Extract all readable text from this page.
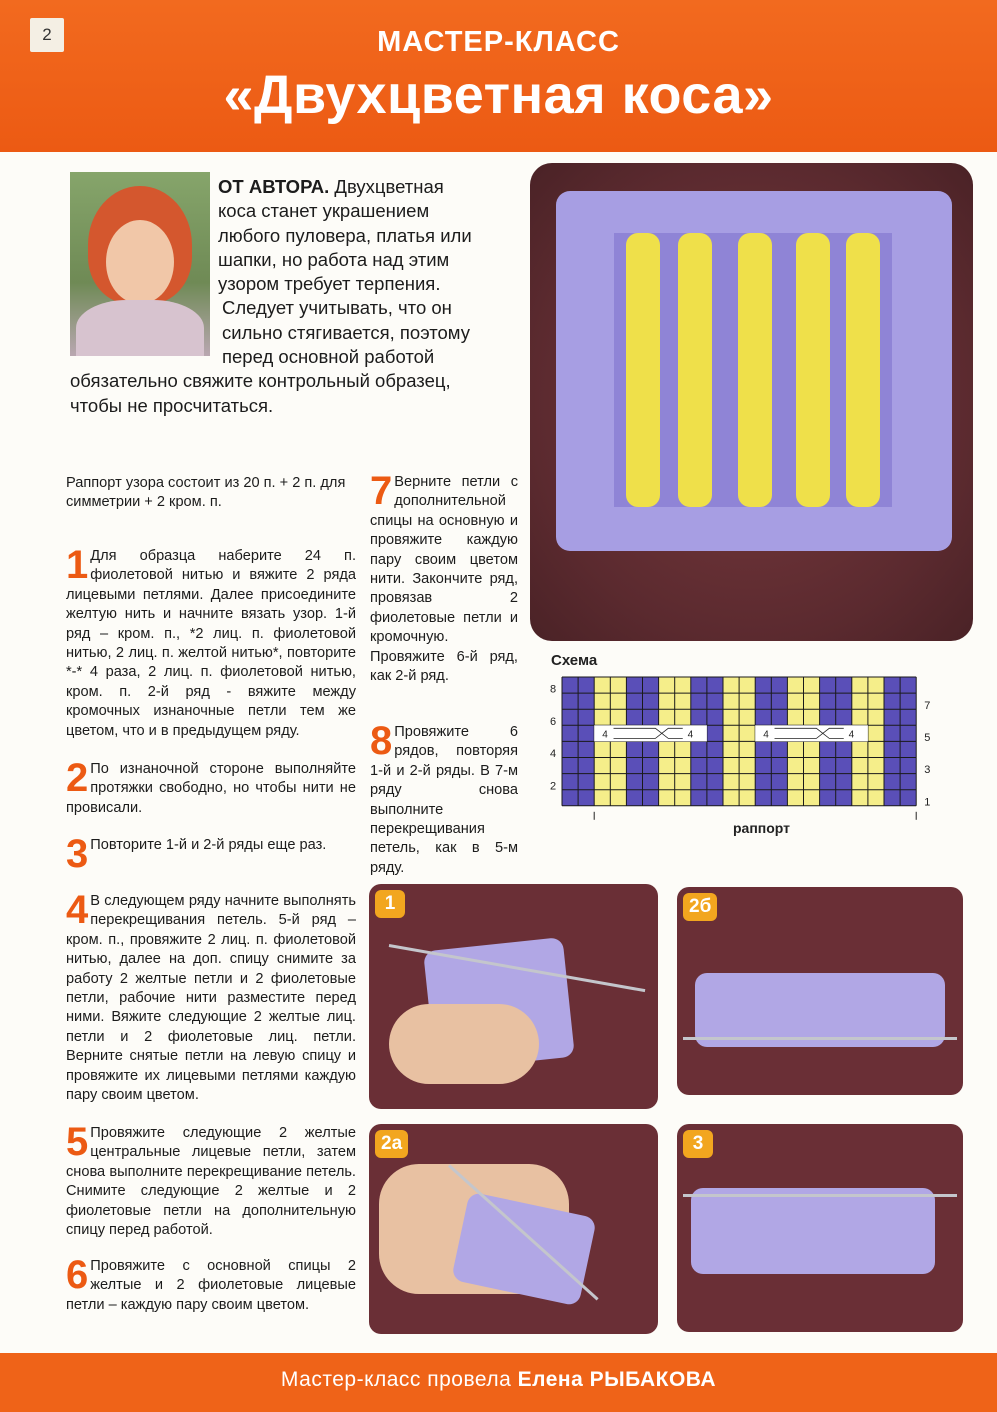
2	МАСТЕР-КЛАСС
«Двухцветная коса»
ОТ АВТОРА. Двухцветная
коса станет украшением
любого пуловера, платья или
шапки, но работа над этим
узором требует терпения.
Следует учитывать, что он
сильно стягивается, поэтому
перед основной работой
обязательно свяжите контрольный образец,
чтобы не просчитаться.
Раппорт узора состоит из 20 п. + 2 п. для симметрии + 2 кром. п.
1 Для образца наберите 24 п. фиолетовой нитью и вяжите 2 ряда лицевыми петлями. Далее присоедините желтую нить и начните вязать узор. 1-й ряд – кром. п., *2 лиц. п. фиолетовой нитью, 2 лиц. п. желтой нитью*, повторите *-* 4 раза, 2 лиц. п. фиолетовой нитью, кром. п. 2-й ряд - вяжите между кромочных изнаночные петли тем же цветом, что и в предыдущем ряду.
2 По изнаночной стороне выполняйте протяжки свободно, но чтобы нити не провисали.
3 Повторите 1-й и 2-й ряды еще раз.
4 В следующем ряду начните выполнять перекрещивания петель. 5-й ряд – кром. п., провяжите 2 лиц. п. фиолетовой нитью, далее на доп. спицу снимите за работу 2 желтые петли и 2 фиолетовые петли, рабочие нити разместите перед ними. Вяжите следующие 2 желтые лиц. петли и 2 фиолетовые лиц. петли. Верните снятые петли на левую спицу и провяжите их лицевыми петлями каждую пару своим цветом.
5 Провяжите следующие 2 желтые центральные лицевые петли, затем снова выполните перекрещивание петель. Снимите следующие 2 желтые и 2 фиолетовые петли на дополнительную спицу перед работой.
6 Провяжите с основной спицы 2 желтые и 2 фиолетовые лицевые петли – каждую пару своим цветом.
7 Верните петли с дополнительной спицы на основную и провяжите каждую пару своим цветом нити. Закончите ряд, провязав 2 фиолетовые петли и кромочную. Провяжите 6-й ряд, как 2-й ряд.
8 Провяжите 6 рядов, повторяя 1-й и 2-й ряды. В 7-м ряду снова выполните перекрещивания петель, как в 5-м ряду.
Схема
4	4	4	4
8
6
4
2
7
5
3
1
раппорт
1	2б
2а	3
Мастер-класс провела Елена РЫБАКОВА
